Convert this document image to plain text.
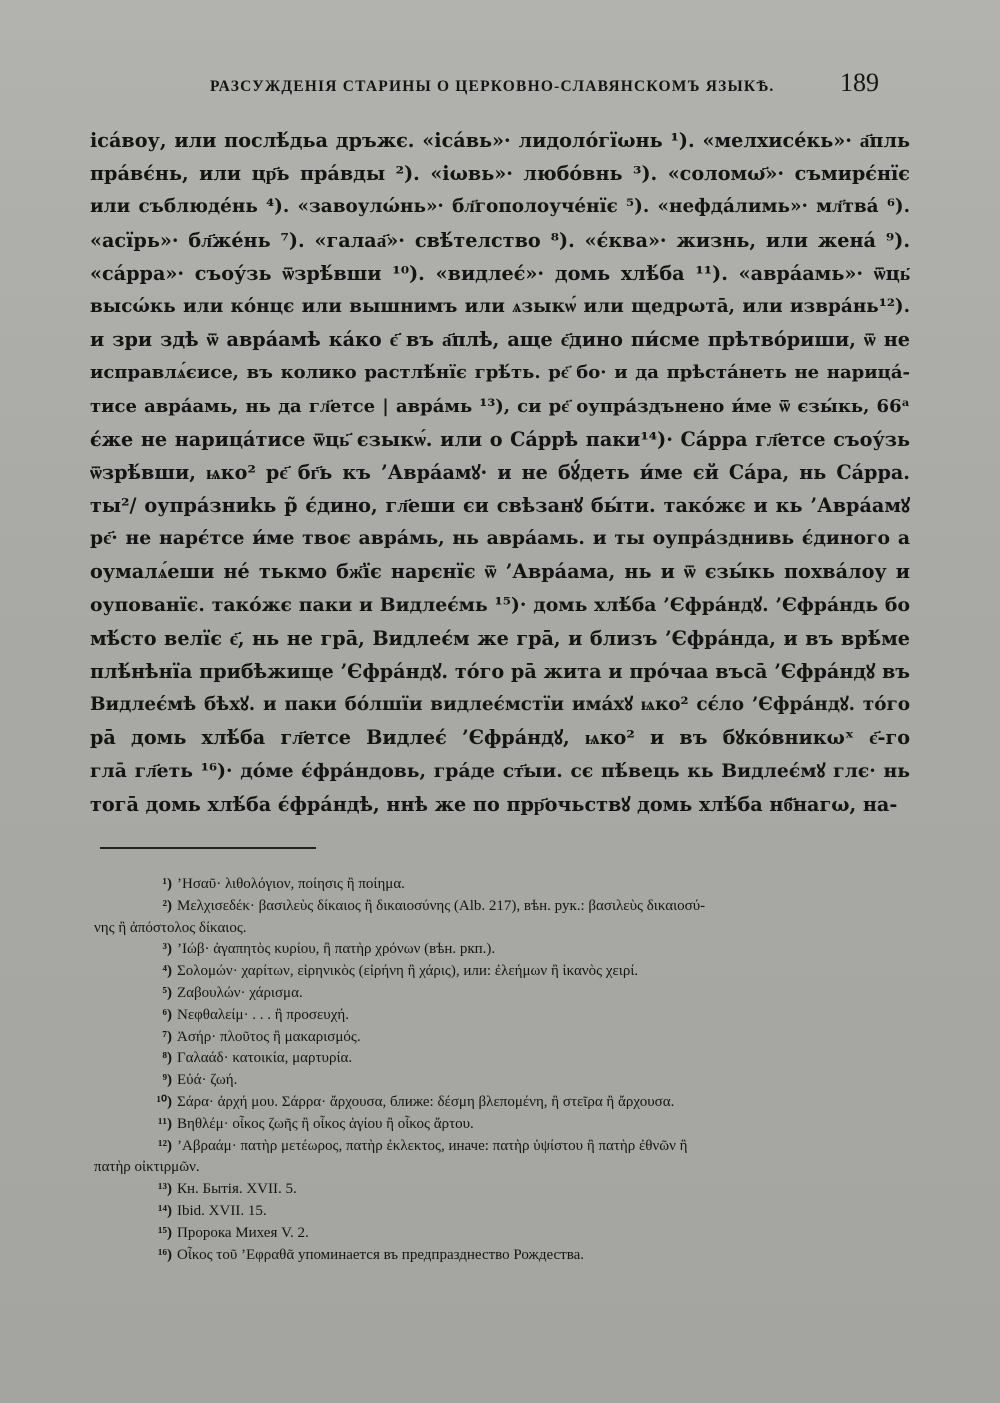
РАЗСУЖДЕНІЯ СТАРИНЫ О ЦЕРКОВНО-СЛАВЯНСКОМЪ ЯЗЫКѢ.	189
ісáвоу, или послѣ́дьа дръжє. «ісáвь»· лидолóгїωнь ¹). «мелхисе́кь»· а҃пль
прáвє́нь, или цр҃ь прáвды ²). «іωвь»· любо́внь ³). «соломω҃»· съмирє́нїє
или съблюде́нь ⁴). «завоулώнь»· бл҃гополоуче́нїє ⁵). «нефдáлимь»· мл҃твá ⁶).
«асїрь»· бл҃же́нь ⁷). «галаа҃»· свѣ́телство ⁸). «є́ква»· жизнь, или женá ⁹).
«сáрра»· съоу́зь ѿзрѣ́вши ¹⁰). «видлеє́»· домь хлѣ́ба ¹¹). «аврáамь»· ѿць҃
высώкь или ко́нцє или вышнимъ или ѧзыкѡ́ или щедрωтā, или изврáнь¹²).
и зри здѣ ѿ аврáамѣ кáко є҃ въ а҃плѣ, аще є҃дино пи́сме прѣтвóриши, ѿ не
исправлѧ́єисе, въ колико растлѣ́нїє грѣ́ть. рє҃ бо· и да прѣстáнеть не нарицá-
тисе аврáамь, нь да гл҃етсе | аврáмь ¹³), си рє҃ оупрáздънено и́ме ѿ єзы́кь, 66ᵃ
є́же не нарицáтисе ѿць҃ єзыкѡ́. или о Сáррѣ паки¹⁴)· Сáрра гл҃етсе съоу́зь
ѿзрѣ́вши, ѩко² рє҃ бг҃ь къ ’Аврáамꙋ· и не бꙋ́деть и́ме єй Сáра, нь Сáрра.
ты²/ оупрáзниkь р̃ є́дино, гл҃еши єи свѣзанꙋ бы́ти. такóжє и кь ’Аврáамꙋ
рє҃· не нарє́тсе и́ме твоє аврáмь, нь аврáамь. и ты оупрáзднивь є́диного а
оумалѧ́еши нé тькмо бж҃їє нарєнїє ѿ ’Аврáама, нь и ѿ єзы́кь похвáлоу и
оупованїє. такóжє паки и Видлеє́мь ¹⁵)· домь хлѣ́ба ’Єфрáндꙋ. ’Єфрáндь бо
мѣ́сто велїє є҃, нь не грā, Видлеє́м же грā, и близъ ’Єфрáнда, и въ врѣ́ме
плѣ́нѣнїа прибѣжище ’Єфрáндꙋ. то́го рā жита и прóчаа въсā ’Єфрáндꙋ въ
Видлеє́мѣ бѣхꙋ. и паки бóлшїи видлеє́мстїи имáхꙋ ѩко² сє́ло ’Єфрáндꙋ. то́го
рā домь хлѣ́ба гл҃етсе Видлеє́ ’Єфрáндꙋ, ѩко² и въ бꙋкóвникωˣ є҃-го
глā гл҃еть ¹⁶)· до́ме є́фрáндовь, грáде ст҃ыи. сє пѣ́вець кь Видлеє́мꙋ глє· нь
тогā домь хлѣ́ба є́фрáндѣ, ннѣ же по прр҃очьствꙋ домь хлѣ́ба нб҃нагω, на-
¹) ’Ησαῦ· λιθολόγιον, ποίησις ἢ ποίημα.
²) Μελχισεδέκ· βασιλεὺς δίκαιος ἢ δικαιοσύνης (Alb. 217), вѣн. рук.: βασιλεὺς δικαιοσύ-
νης ἢ ἀπόστολος δίκαιος.
³) ’Ιώβ· ἀγαπητὸς κυρίου, ἢ πατὴρ χρόνων (вѣн. ркп.).
⁴) Σολομών· χαρίτων, εἰρηνικὸς (εἰρήνη ἢ χάρις), или: ἐλεήμων ἢ ἱκανὸς χειρί.
⁵) Ζαβουλών· χάρισμα.
⁶) Νεφθαλείμ· . . . ἢ προσευχή.
⁷) Ἀσήρ· πλοῦτος ἢ μακαρισμός.
⁸) Γαλαάδ· κατοικία, μαρτυρία.
⁹) Εὐά· ζωή.
¹⁰) Σάρα· ἀρχή μου. Σάρρα· ἄρχουσα, ближе: δέσμη βλεπομένη, ἢ στεῖρα ἢ ἄρχουσα.
¹¹) Βηθλέμ· οἶκος ζωῆς ἢ οἶκος ἁγίου ἢ οἶκος ἄρτου.
¹²) ’Αβραάμ· πατὴρ μετέωρος, πατὴρ ἐκλεκτος, иначе: πατὴρ ὑψίστου ἢ πατὴρ ἐθνῶν ἢ
πατὴρ οἰκτιρμῶν.
¹³) Кн. Бытія. XVII. 5.
¹⁴) Ibid. XVII. 15.
¹⁵) Пророка Михея V. 2.
¹⁶) Οἶκος τοῦ ’Εφραθᾶ упоминается въ предпразднество Рождества.
